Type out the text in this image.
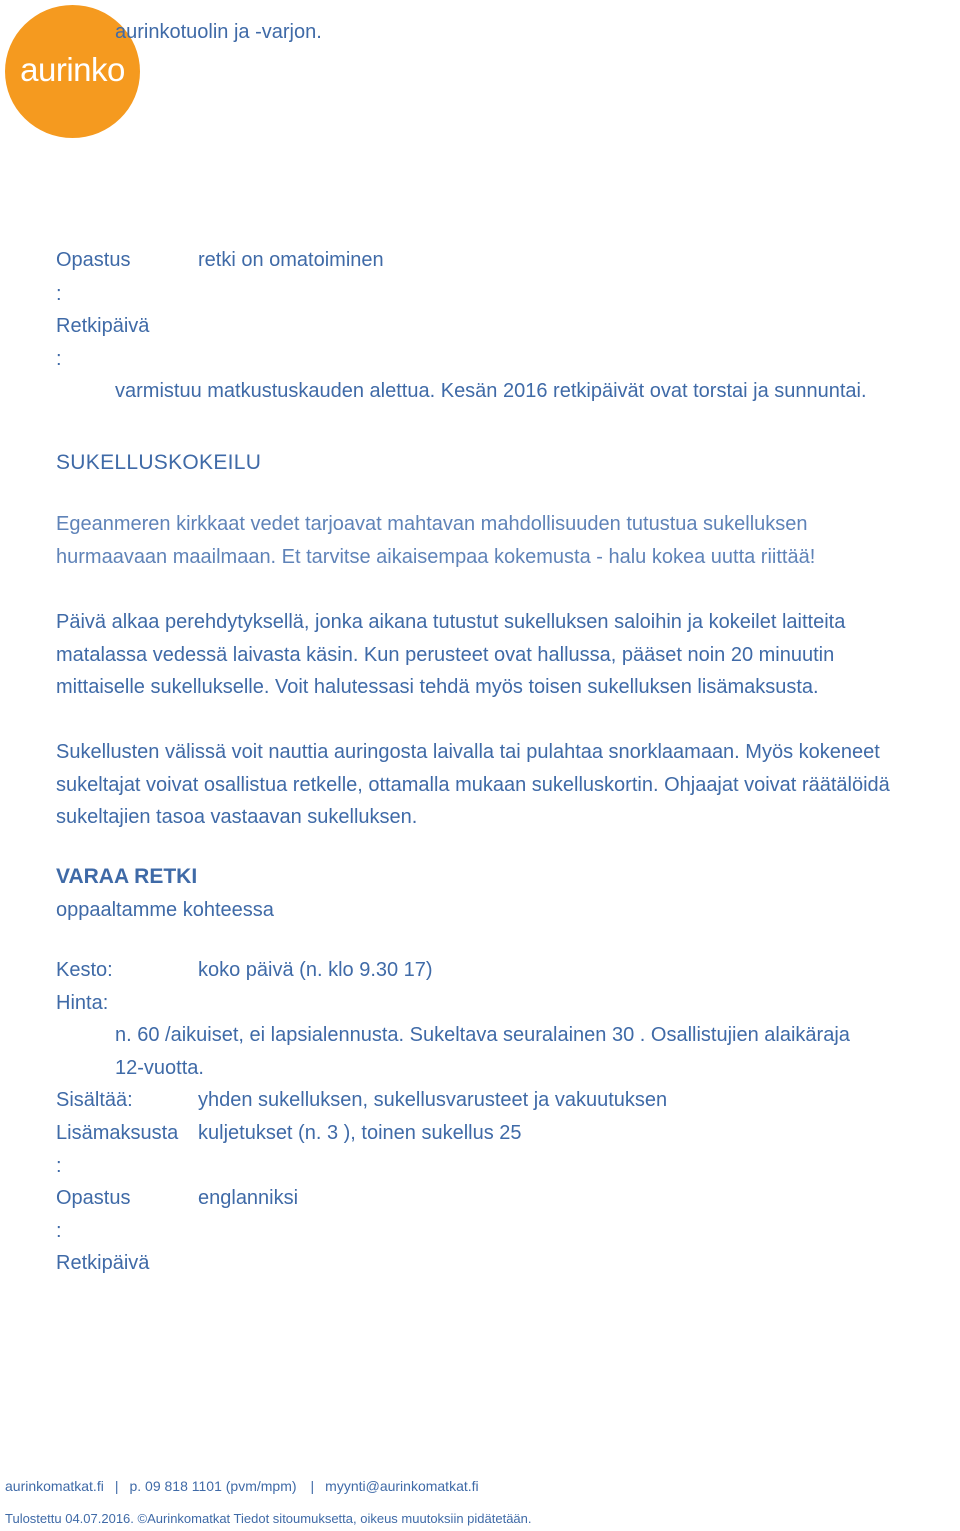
aurinko
aurinkotuolin ja -varjon.
Opastus	retki on omatoiminen
:
Retkipäivä
:
varmistuu matkustuskauden alettua. Kesän 2016 retkipäivät ovat torstai ja sunnuntai.
SUKELLUSKOKEILU
Egeanmeren kirkkaat vedet tarjoavat mahtavan mahdollisuuden tutustua sukelluksen
hurmaavaan maailmaan. Et tarvitse aikaisempaa kokemusta - halu kokea uutta riittää!
Päivä alkaa perehdytyksellä, jonka aikana tutustut sukelluksen saloihin ja kokeilet laitteita
matalassa vedessä laivasta käsin. Kun perusteet ovat hallussa, pääset noin 20 minuutin
mittaiselle sukellukselle. Voit halutessasi tehdä myös toisen sukelluksen lisämaksusta.
Sukellusten välissä voit nauttia auringosta laivalla tai pulahtaa snorklaamaan. Myös kokeneet
sukeltajat voivat osallistua retkelle, ottamalla mukaan sukelluskortin. Ohjaajat voivat räätälöidä
sukeltajien tasoa vastaavan sukelluksen.
VARAA RETKI
oppaaltamme kohteessa
Kesto:	koko päivä (n. klo 9.30 17)
Hinta:
n. 60 /aikuiset, ei lapsialennusta. Sukeltava seuralainen 30 . Osallistujien alaikäraja
12-vuotta.
Sisältää:	yhden sukelluksen, sukellusvarusteet ja vakuutuksen
Lisämaksusta kuljetukset (n. 3 ), toinen sukellus 25
:
Opastus	englanniksi
:
Retkipäivä
aurinkomatkat.fi | p. 09 818 1101 (pvm/mpm) | myynti@aurinkomatkat.fi
Tulostettu 04.07.2016. ©Aurinkomatkat Tiedot sitoumuksetta, oikeus muutoksiin pidätetään.
